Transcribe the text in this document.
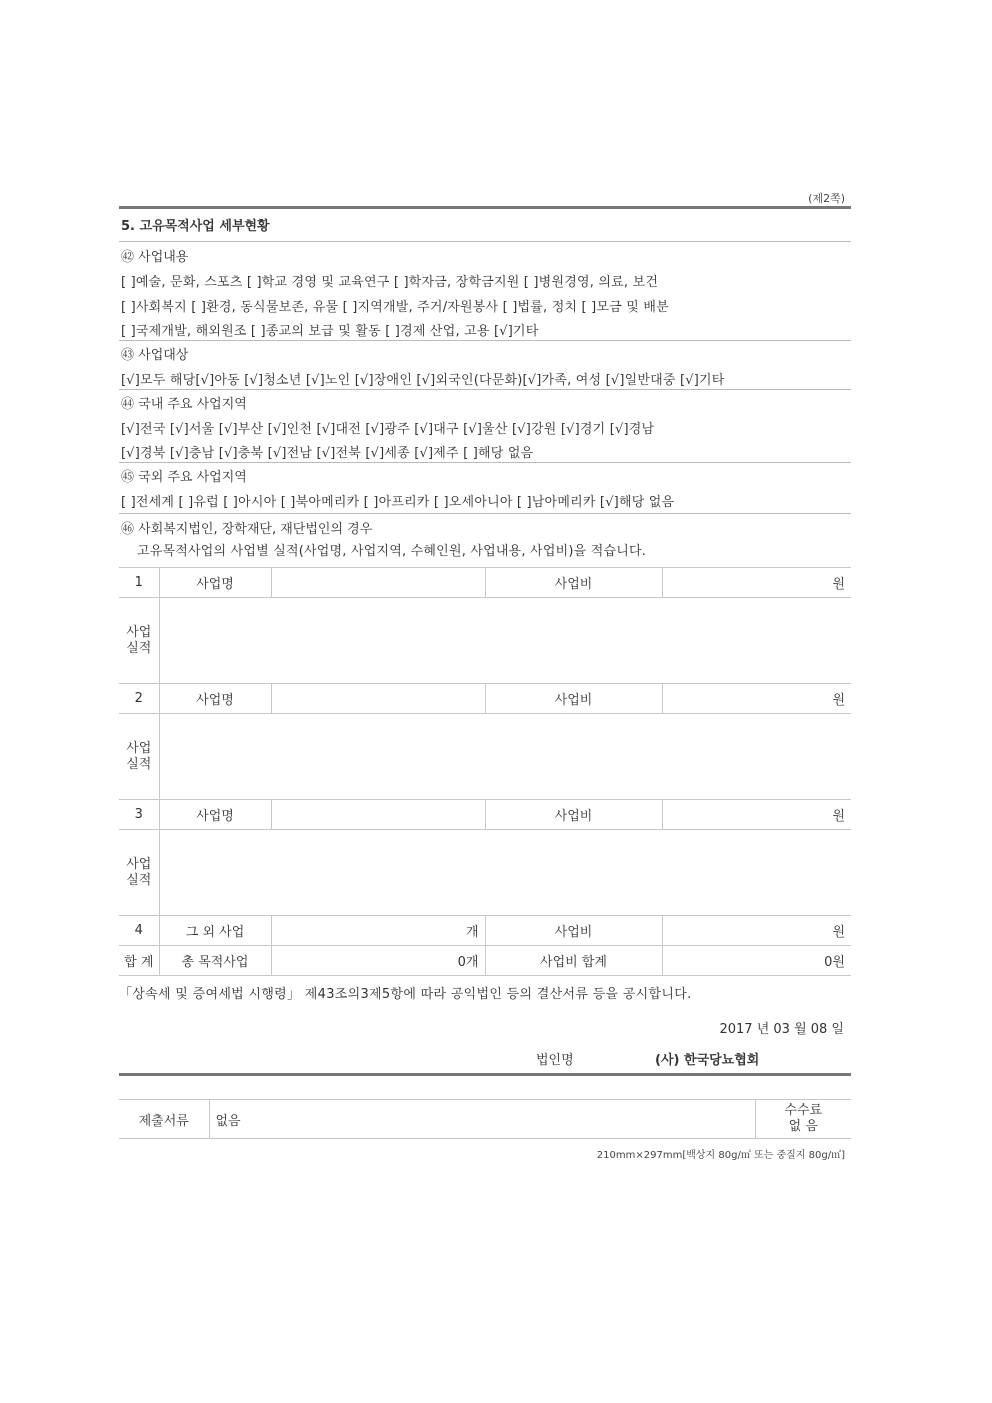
(제2쪽)
5. 고유목적사업 세부현황
㊷ 사업내용
[ ]예술, 문화, 스포츠 [ ]학교 경영 및 교육연구 [ ]학자금, 장학금지원 [ ]병원경영, 의료, 보건
[ ]사회복지 [ ]환경, 동식물보존, 유물 [ ]지역개발, 주거/자원봉사 [ ]법률, 정치 [ ]모금 및 배분
[ ]국제개발, 해외원조 [ ]종교의 보급 및 활동 [ ]경제 산업, 고용 [√]기타
㊸ 사업대상
[√]모두 해당[√]아동 [√]청소년 [√]노인 [√]장애인 [√]외국인(다문화)[√]가족, 여성 [√]일반대중 [√]기타
㊹ 국내 주요 사업지역
[√]전국 [√]서울 [√]부산 [√]인천 [√]대전 [√]광주 [√]대구 [√]울산 [√]강원 [√]경기 [√]경남
[√]경북 [√]충남 [√]충북 [√]전남 [√]전북 [√]세종 [√]제주 [ ]해당 없음
㊺ 국외 주요 사업지역
[ ]전세계 [ ]유럽 [ ]아시아 [ ]북아메리카 [ ]아프리카 [ ]오세아니아 [ ]남아메리카 [√]해당 없음
㊻ 사회복지법인, 장학재단, 재단법인의 경우
고유목적사업의 사업별 실적(사업명, 사업지역, 수혜인원, 사업내용, 사업비)을 적습니다.
1	사업명		사업비	원
사업
실적				
2	사업명		사업비	원
사업
실적				
3	사업명		사업비	원
사업
실적				
4	그 외 사업	개	사업비	원
합 계	총 목적사업	0개	사업비 합계	0원
「상속세 및 증여세법 시행령」 제43조의3제5항에 따라 공익법인 등의 결산서류 등을 공시합니다.
2017 년 03 월 08 일
법인명	(사) 한국당뇨협회
제출서류	없음	수수료
없 음
210mm×297mm[백상지 80g/㎡ 또는 중질지 80g/㎡]
